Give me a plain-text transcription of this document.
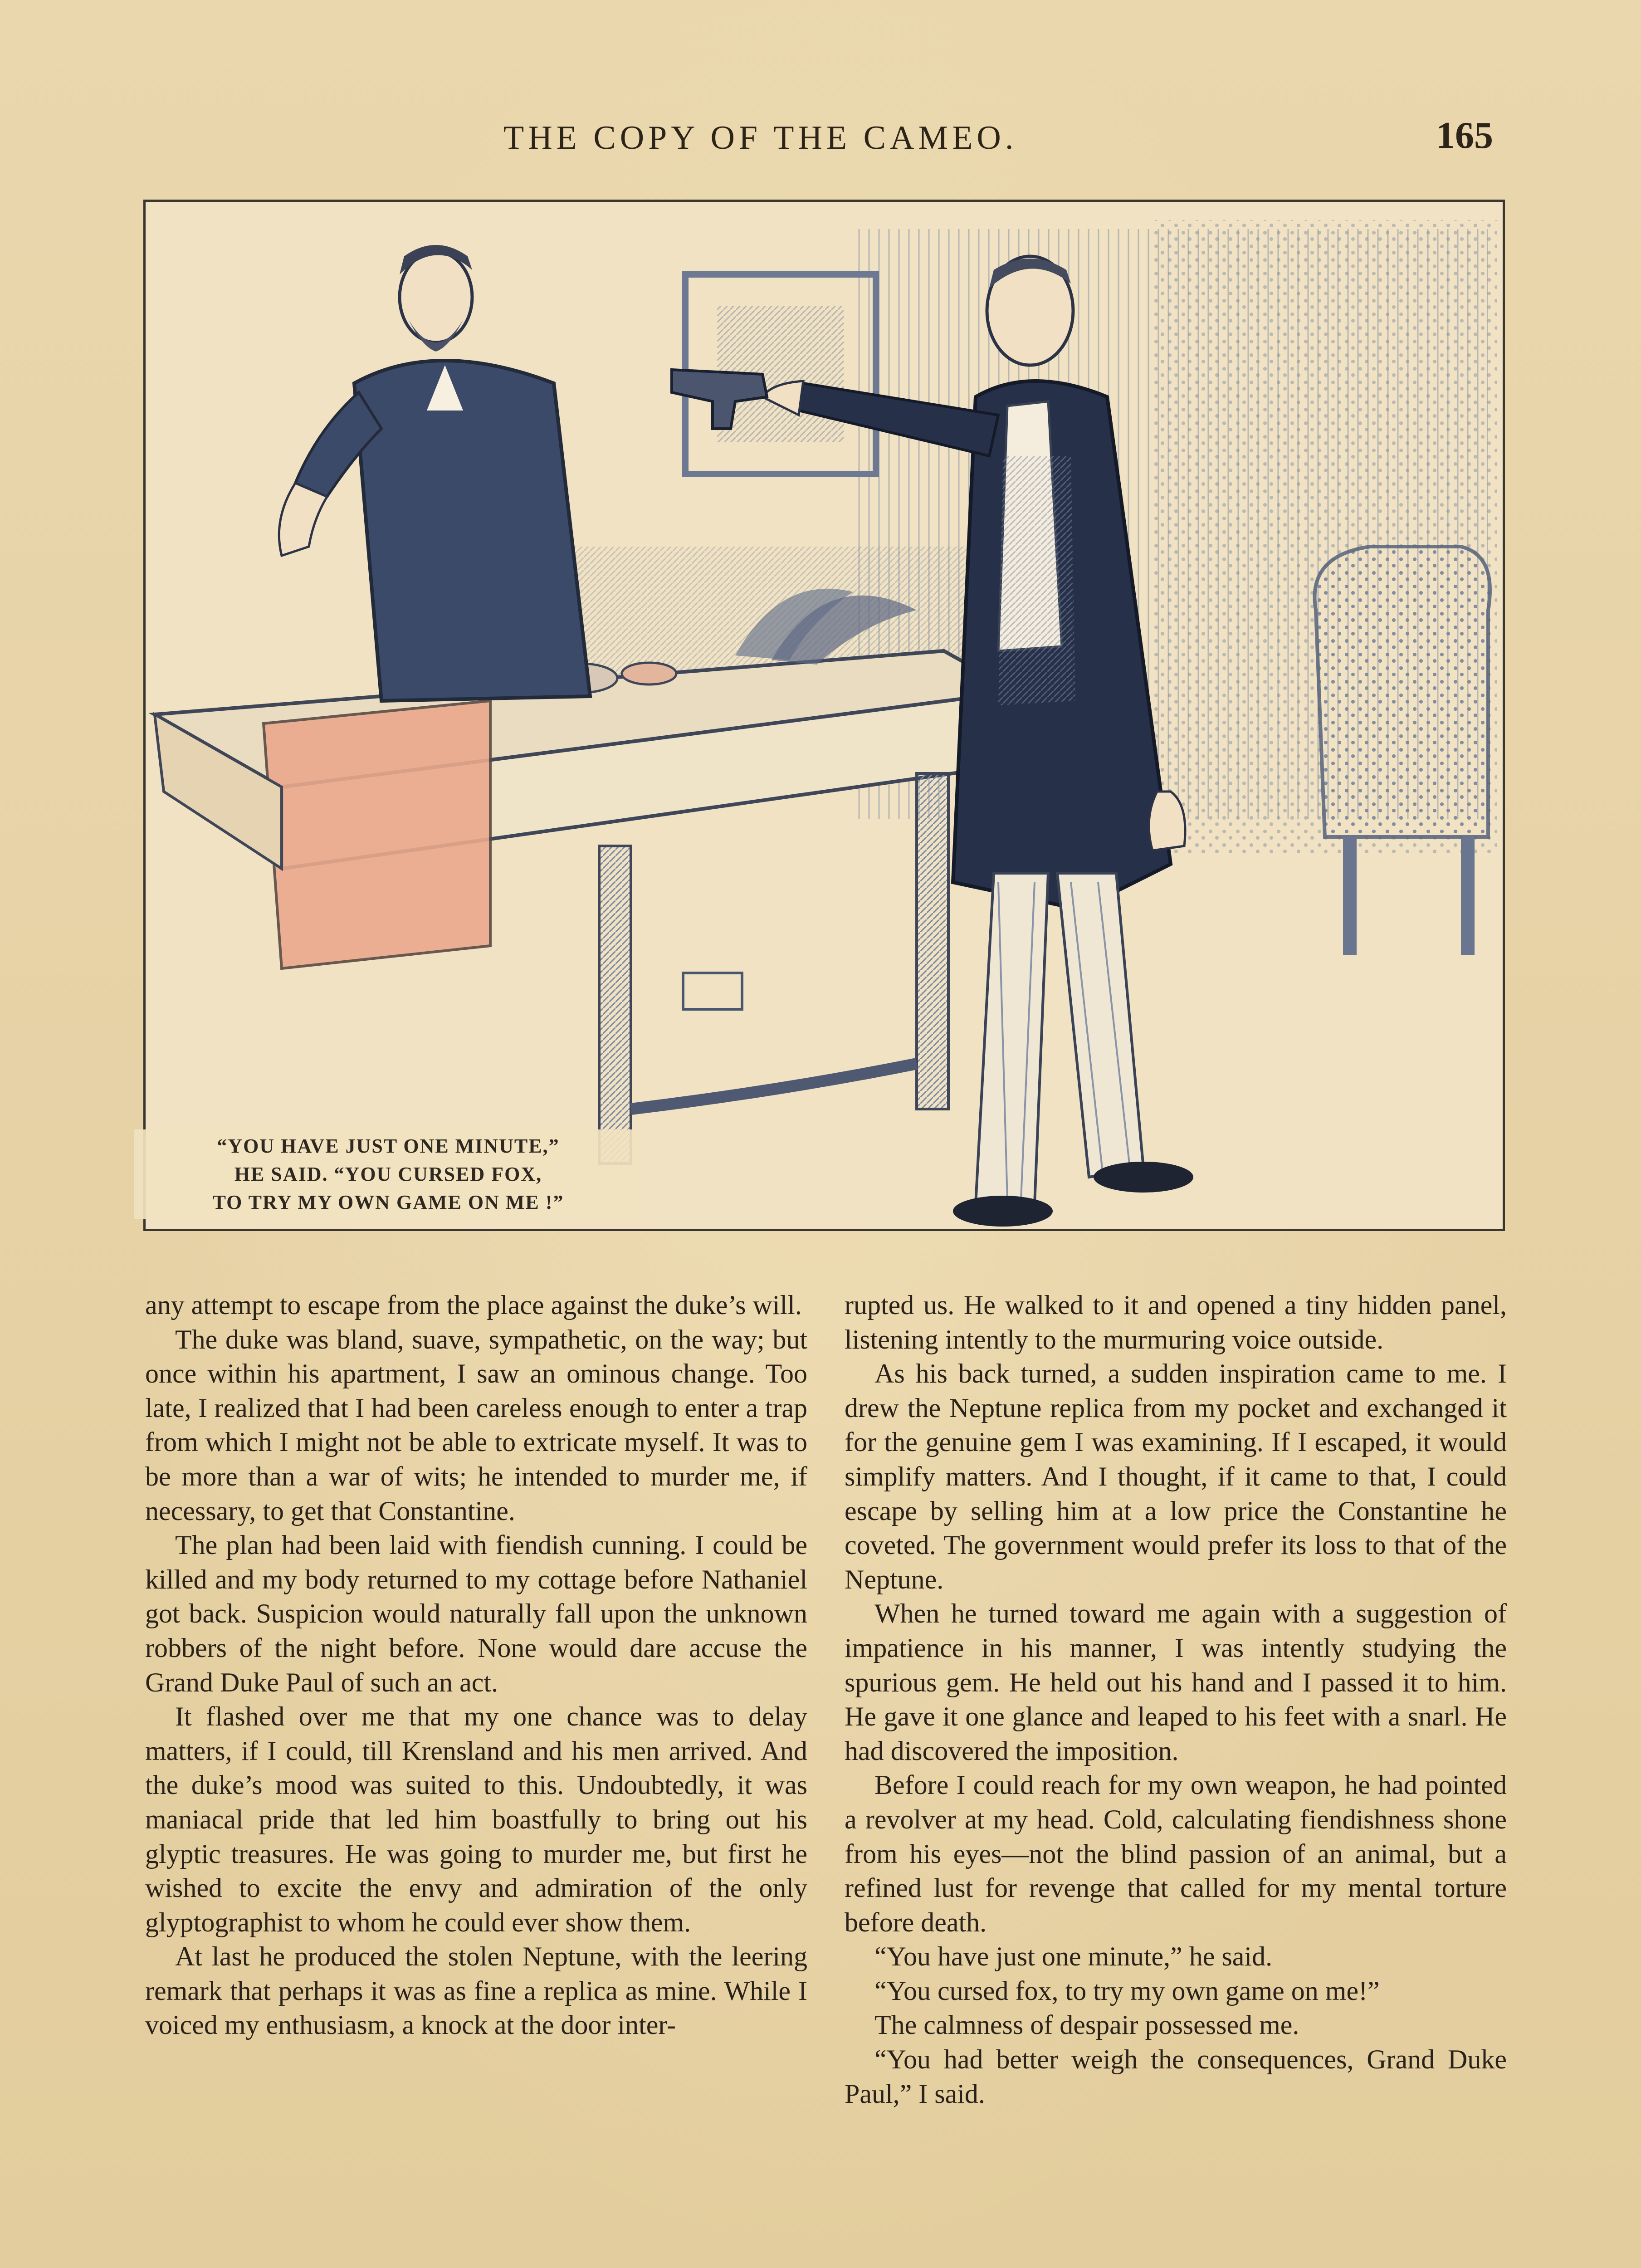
THE COPY OF THE CAMEO.	165
“YOU HAVE JUST ONE MINUTE,”
HE SAID. “YOU CURSED FOX,
TO TRY MY OWN GAME ON ME !”

any attempt to escape from the place against the duke’s will.

The duke was bland, suave, sympathetic, on the way; but once within his apartment, I saw an ominous change. Too late, I realized that I had been careless enough to enter a trap from which I might not be able to extricate myself. It was to be more than a war of wits; he intended to murder me, if necessary, to get that Constantine.

The plan had been laid with fiendish cunning. I could be killed and my body returned to my cottage before Nathaniel got back. Suspicion would naturally fall upon the unknown robbers of the night before. None would dare accuse the Grand Duke Paul of such an act.

It flashed over me that my one chance was to delay matters, if I could, till Krensland and his men arrived. And the duke’s mood was suited to this. Undoubtedly, it was maniacal pride that led him boastfully to bring out his glyptic treasures. He was going to murder me, but first he wished to excite the envy and admiration of the only glyptographist to whom he could ever show them.

At last he produced the stolen Neptune, with the leering remark that perhaps it was as fine a replica as mine. While I voiced my enthusiasm, a knock at the door inter-

rupted us. He walked to it and opened a tiny hidden panel, listening intently to the murmuring voice outside.

As his back turned, a sudden inspiration came to me. I drew the Neptune replica from my pocket and exchanged it for the genuine gem I was examining. If I escaped, it would simplify matters. And I thought, if it came to that, I could escape by selling him at a low price the Constantine he coveted. The government would prefer its loss to that of the Neptune.

When he turned toward me again with a suggestion of impatience in his manner, I was intently studying the spurious gem. He held out his hand and I passed it to him. He gave it one glance and leaped to his feet with a snarl. He had discovered the imposition.

Before I could reach for my own weapon, he had pointed a revolver at my head. Cold, calculating fiendishness shone from his eyes—not the blind passion of an animal, but a refined lust for revenge that called for my mental torture before death.

“You have just one minute,” he said.

“You cursed fox, to try my own game on me!”

The calmness of despair possessed me.

“You had better weigh the consequences, Grand Duke Paul,” I said.
